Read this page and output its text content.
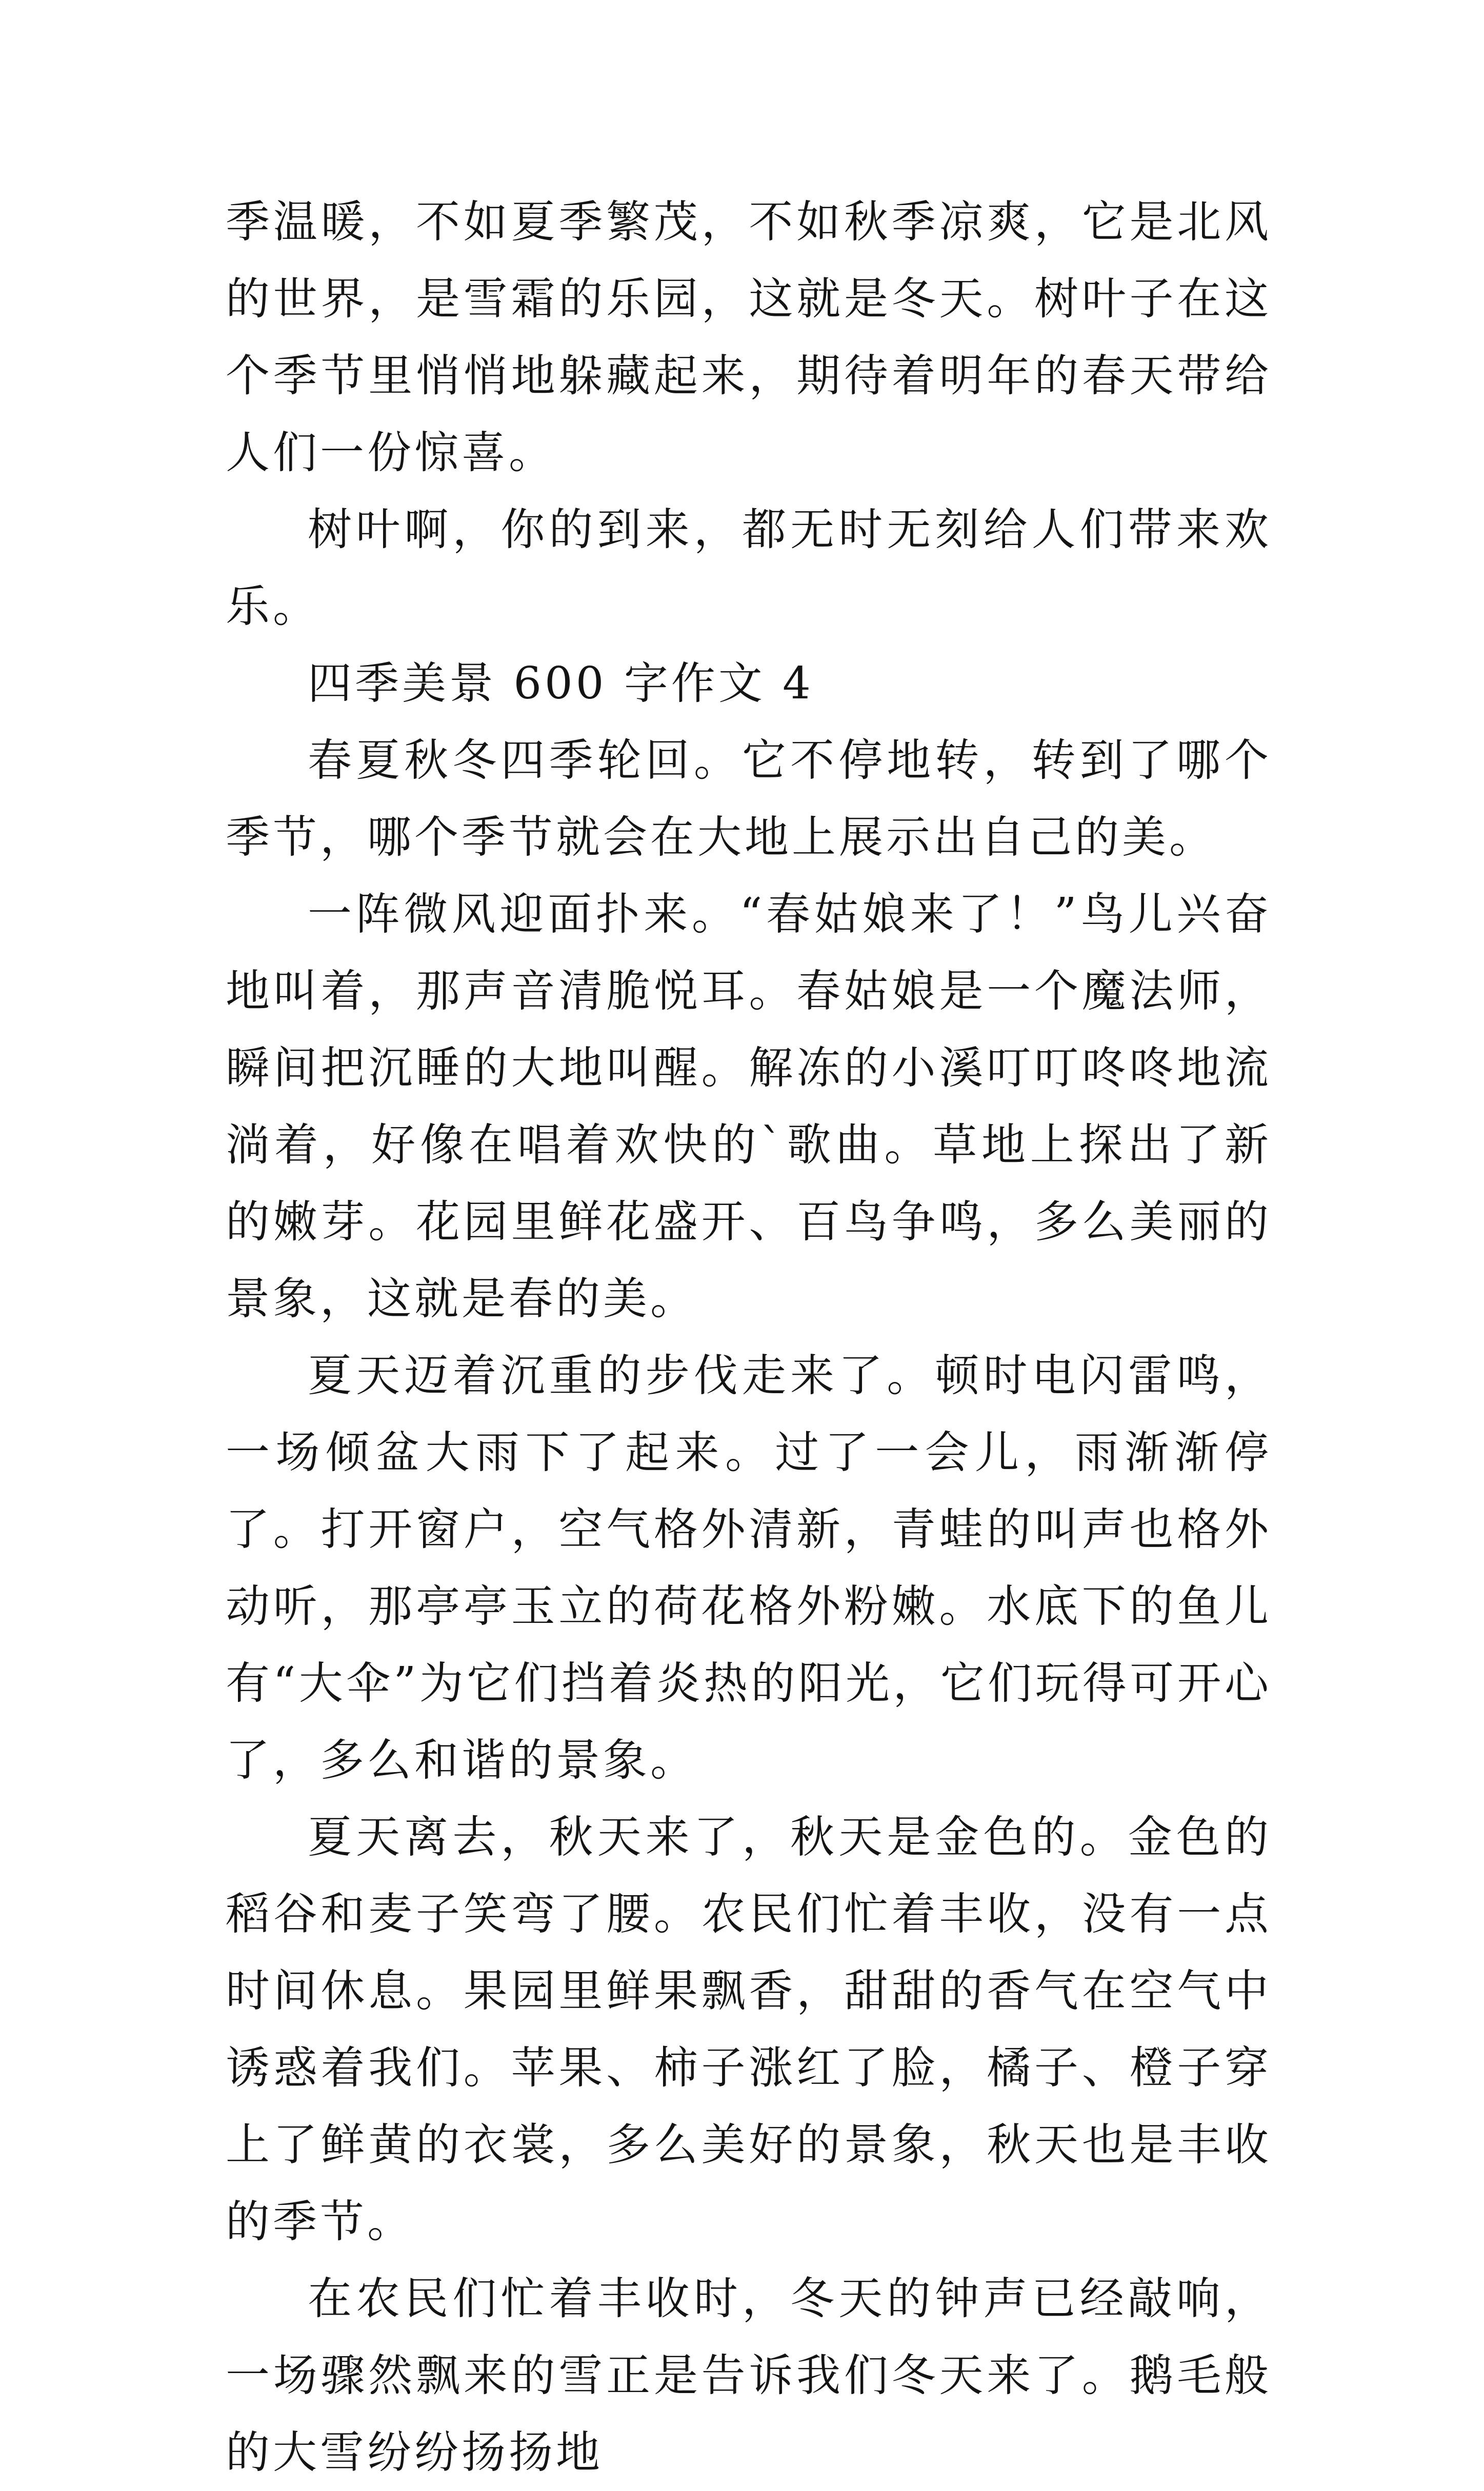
季温暖，不如夏季繁茂，不如秋季凉爽，它是北风的世界，是雪霜的乐园，这就是冬天。树叶子在这个季节里悄悄地躲藏起来，期待着明年的春天带给人们一份惊喜。

树叶啊，你的到来，都无时无刻给人们带来欢乐。

四季美景 600 字作文 4

春夏秋冬四季轮回。它不停地转，转到了哪个季节，哪个季节就会在大地上展示出自己的美。

一阵微风迎面扑来。“春姑娘来了！”鸟儿兴奋地叫着，那声音清脆悦耳。春姑娘是一个魔法师，瞬间把沉睡的大地叫醒。解冻的小溪叮叮咚咚地流淌着，好像在唱着欢快的`歌曲。草地上探出了新的嫩芽。花园里鲜花盛开、百鸟争鸣，多么美丽的景象，这就是春的美。

夏天迈着沉重的步伐走来了。顿时电闪雷鸣，一场倾盆大雨下了起来。过了一会儿，雨渐渐停了。打开窗户，空气格外清新，青蛙的叫声也格外动听，那亭亭玉立的荷花格外粉嫩。水底下的鱼儿有“大伞”为它们挡着炎热的阳光，它们玩得可开心了，多么和谐的景象。

夏天离去，秋天来了，秋天是金色的。金色的稻谷和麦子笑弯了腰。农民们忙着丰收，没有一点时间休息。果园里鲜果飘香，甜甜的香气在空气中诱惑着我们。苹果、柿子涨红了脸，橘子、橙子穿上了鲜黄的衣裳，多么美好的景象，秋天也是丰收的季节。

在农民们忙着丰收时，冬天的钟声已经敲响，一场骤然飘来的雪正是告诉我们冬天来了。鹅毛般的大雪纷纷扬扬地
